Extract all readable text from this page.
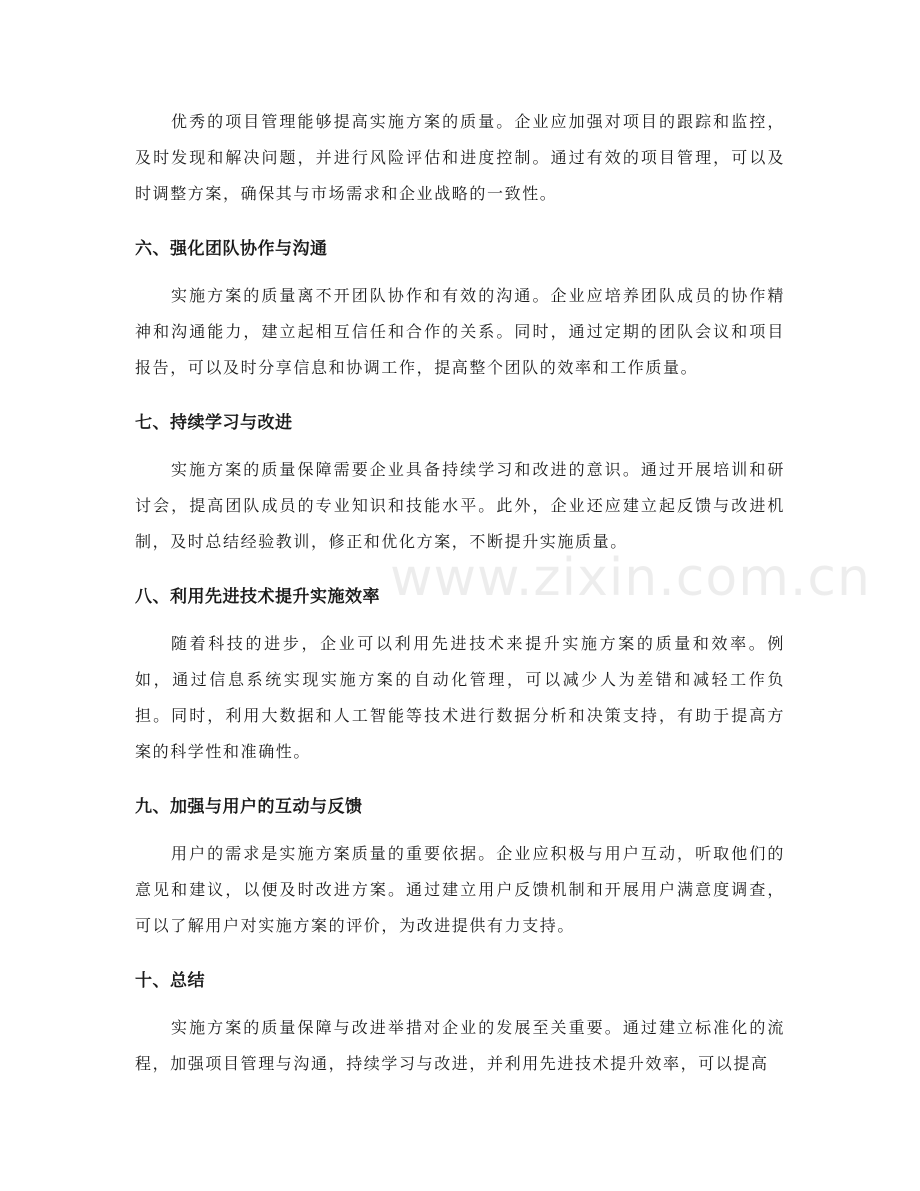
优秀的项目管理能够提高实施方案的质量。企业应加强对项目的跟踪和监控，及时发现和解决问题，并进行风险评估和进度控制。通过有效的项目管理，可以及时调整方案，确保其与市场需求和企业战略的一致性。

六、强化团队协作与沟通

实施方案的质量离不开团队协作和有效的沟通。企业应培养团队成员的协作精神和沟通能力，建立起相互信任和合作的关系。同时，通过定期的团队会议和项目报告，可以及时分享信息和协调工作，提高整个团队的效率和工作质量。

七、持续学习与改进

实施方案的质量保障需要企业具备持续学习和改进的意识。通过开展培训和研讨会，提高团队成员的专业知识和技能水平。此外，企业还应建立起反馈与改进机制，及时总结经验教训，修正和优化方案，不断提升实施质量。

八、利用先进技术提升实施效率

随着科技的进步，企业可以利用先进技术来提升实施方案的质量和效率。例如，通过信息系统实现实施方案的自动化管理，可以减少人为差错和减轻工作负担。同时，利用大数据和人工智能等技术进行数据分析和决策支持，有助于提高方案的科学性和准确性。

九、加强与用户的互动与反馈

用户的需求是实施方案质量的重要依据。企业应积极与用户互动，听取他们的意见和建议，以便及时改进方案。通过建立用户反馈机制和开展用户满意度调查，可以了解用户对实施方案的评价，为改进提供有力支持。

十、总结

实施方案的质量保障与改进举措对企业的发展至关重要。通过建立标准化的流程，加强项目管理与沟通，持续学习与改进，并利用先进技术提升效率，可以提高

www.zixin.com.cn
